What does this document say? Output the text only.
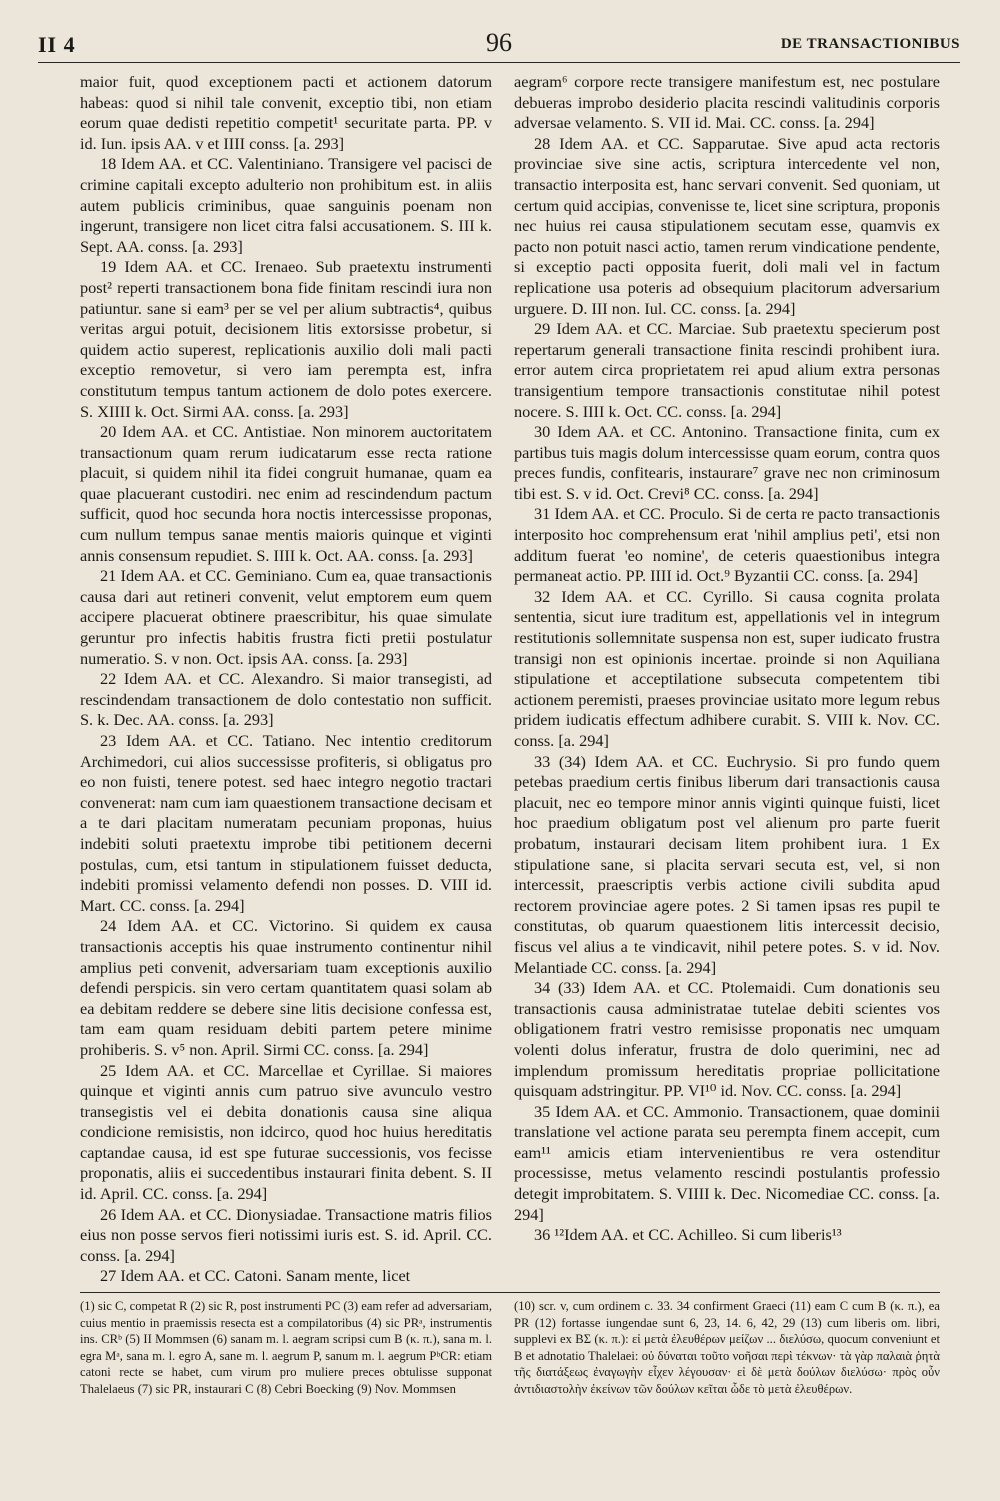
II 4	96	DE TRANSACTIONIBUS

maior fuit, quod exceptionem pacti et actionem datorum habeas: quod si nihil tale convenit, exceptio tibi, non etiam eorum quae dedisti repetitio competit¹ securitate parta. PP. v id. Iun. ipsis AA. v et IIII conss. [a. 293]

18 Idem AA. et CC. Valentiniano. Transigere vel pacisci de crimine capitali excepto adulterio non prohibitum est. in aliis autem publicis criminibus, quae sanguinis poenam non ingerunt, transigere non licet citra falsi accusationem. S. III k. Sept. AA. conss. [a. 293]

19 Idem AA. et CC. Irenaeo. Sub praetextu instrumenti post² reperti transactionem bona fide finitam rescindi iura non patiuntur. sane si eam³ per se vel per alium subtractis⁴, quibus veritas argui potuit, decisionem litis extorsisse probetur, si quidem actio superest, replicationis auxilio doli mali pacti exceptio removetur, si vero iam perempta est, infra constitutum tempus tantum actionem de dolo potes exercere. S. XIIII k. Oct. Sirmi AA. conss. [a. 293]

20 Idem AA. et CC. Antistiae. Non minorem auctoritatem transactionum quam rerum iudicatarum esse recta ratione placuit, si quidem nihil ita fidei congruit humanae, quam ea quae placuerant custodiri. nec enim ad rescindendum pactum sufficit, quod hoc secunda hora noctis intercessisse proponas, cum nullum tempus sanae mentis maioris quinque et viginti annis consensum repudiet. S. IIII k. Oct. AA. conss. [a. 293]

21 Idem AA. et CC. Geminiano. Cum ea, quae transactionis causa dari aut retineri convenit, velut emptorem eum quem accipere placuerat obtinere praescribitur, his quae simulate geruntur pro infectis habitis frustra ficti pretii postulatur numeratio. S. v non. Oct. ipsis AA. conss. [a. 293]

22 Idem AA. et CC. Alexandro. Si maior transegisti, ad rescindendam transactionem de dolo contestatio non sufficit. S. k. Dec. AA. conss. [a. 293]

23 Idem AA. et CC. Tatiano. Nec intentio creditorum Archimedori, cui alios successisse profiteris, si obligatus pro eo non fuisti, tenere potest. sed haec integro negotio tractari convenerat: nam cum iam quaestionem transactione decisam et a te dari placitam numeratam pecuniam proponas, huius indebiti soluti praetextu improbe tibi petitionem decerni postulas, cum, etsi tantum in stipulationem fuisset deducta, indebiti promissi velamento defendi non posses. D. VIII id. Mart. CC. conss. [a. 294]

24 Idem AA. et CC. Victorino. Si quidem ex causa transactionis acceptis his quae instrumento continentur nihil amplius peti convenit, adversariam tuam exceptionis auxilio defendi perspicis. sin vero certam quantitatem quasi solam ab ea debitam reddere se debere sine litis decisione confessa est, tam eam quam residuam debiti partem petere minime prohiberis. S. v⁵ non. April. Sirmi CC. conss. [a. 294]

25 Idem AA. et CC. Marcellae et Cyrillae. Si maiores quinque et viginti annis cum patruo sive avunculo vestro transegistis vel ei debita donationis causa sine aliqua condicione remisistis, non idcirco, quod hoc huius hereditatis captandae causa, id est spe futurae successionis, vos fecisse proponatis, aliis ei succedentibus instaurari finita debent. S. II id. April. CC. conss. [a. 294]

26 Idem AA. et CC. Dionysiadae. Transactione matris filios eius non posse servos fieri notissimi iuris est. S. id. April. CC. conss. [a. 294]

27 Idem AA. et CC. Catoni. Sanam mente, licet

aegram⁶ corpore recte transigere manifestum est, nec postulare debueras improbo desiderio placita rescindi valitudinis corporis adversae velamento. S. VII id. Mai. CC. conss. [a. 294]

28 Idem AA. et CC. Sapparutae. Sive apud acta rectoris provinciae sive sine actis, scriptura intercedente vel non, transactio interposita est, hanc servari convenit. Sed quoniam, ut certum quid accipias, convenisse te, licet sine scriptura, proponis nec huius rei causa stipulationem secutam esse, quamvis ex pacto non potuit nasci actio, tamen rerum vindicatione pendente, si exceptio pacti opposita fuerit, doli mali vel in factum replicatione usa poteris ad obsequium placitorum adversarium urguere. D. III non. Iul. CC. conss. [a. 294]

29 Idem AA. et CC. Marciae. Sub praetextu specierum post repertarum generali transactione finita rescindi prohibent iura. error autem circa proprietatem rei apud alium extra personas transigentium tempore transactionis constitutae nihil potest nocere. S. IIII k. Oct. CC. conss. [a. 294]

30 Idem AA. et CC. Antonino. Transactione finita, cum ex partibus tuis magis dolum intercessisse quam eorum, contra quos preces fundis, confitearis, instaurare⁷ grave nec non criminosum tibi est. S. v id. Oct. Crevi⁸ CC. conss. [a. 294]

31 Idem AA. et CC. Proculo. Si de certa re pacto transactionis interposito hoc comprehensum erat 'nihil amplius peti', etsi non additum fuerat 'eo nomine', de ceteris quaestionibus integra permaneat actio. PP. IIII id. Oct.⁹ Byzantii CC. conss. [a. 294]

32 Idem AA. et CC. Cyrillo. Si causa cognita prolata sententia, sicut iure traditum est, appellationis vel in integrum restitutionis sollemnitate suspensa non est, super iudicato frustra transigi non est opinionis incertae. proinde si non Aquiliana stipulatione et acceptilatione subsecuta competentem tibi actionem peremisti, praeses provinciae usitato more legum rebus pridem iudicatis effectum adhibere curabit. S. VIII k. Nov. CC. conss. [a. 294]

33 (34) Idem AA. et CC. Euchrysio. Si pro fundo quem petebas praedium certis finibus liberum dari transactionis causa placuit, nec eo tempore minor annis viginti quinque fuisti, licet hoc praedium obligatum post vel alienum pro parte fuerit probatum, instaurari decisam litem prohibent iura. 1 Ex stipulatione sane, si placita servari secuta est, vel, si non intercessit, praescriptis verbis actione civili subdita apud rectorem provinciae agere potes. 2 Si tamen ipsas res pupil te constitutas, ob quarum quaestionem litis intercessit decisio, fiscus vel alius a te vindicavit, nihil petere potes. S. v id. Nov. Melantiade CC. conss. [a. 294]

34 (33) Idem AA. et CC. Ptolemaidi. Cum donationis seu transactionis causa administratae tutelae debiti scientes vos obligationem fratri vestro remisisse proponatis nec umquam volenti dolus inferatur, frustra de dolo querimini, nec ad implendum promissum hereditatis propriae pollicitatione quisquam adstringitur. PP. VI¹⁰ id. Nov. CC. conss. [a. 294]

35 Idem AA. et CC. Ammonio. Transactionem, quae dominii translatione vel actione parata seu perempta finem accepit, cum eam¹¹ amicis etiam intervenientibus re vera ostenditur processisse, metus velamento rescindi postulantis professio detegit improbitatem. S. VIIII k. Dec. Nicomediae CC. conss. [a. 294]

36 ¹²Idem AA. et CC. Achilleo. Si cum liberis¹³

(1) sic C, competat R (2) sic R, post instrumenti PC (3) eam refer ad adversariam, cuius mentio in praemissis resecta est a compilatoribus (4) sic PRᵃ, instrumentis ins. CRᵇ (5) II Mommsen (6) sanam m. l. aegram scripsi cum B (κ. π.), sana m. l. egra Mᵃ, sana m. l. egro A, sane m. l. aegrum P, sanum m. l. aegrum PᵇCR: etiam catoni recte se habet, cum virum pro muliere preces obtulisse supponat Thalelaeus (7) sic PR, instaurari C (8) Cebri Boecking (9) Nov. Mommsen

(10) scr. v, cum ordinem c. 33. 34 confirment Graeci (11) eam C cum B (κ. π.), ea PR (12) fortasse iungendae sunt 6, 23, 14. 6, 42, 29 (13) cum liberis om. libri, supplevi ex BΣ (κ. π.): εἰ μετὰ ἐλευθέρων μείζων ... διελύσω, quocum conveniunt et B et adnotatio Thalelaei: οὐ δύναται τοῦτο νοῆσαι περὶ τέκνων· τὰ γὰρ παλαιὰ ῥητὰ τῆς διατάξεως ἐναγωγὴν εἶχεν λέγουσαν· εἰ δὲ μετὰ δούλων διελύσω· πρὸς οὖν ἀντιδιαστολὴν ἐκείνων τῶν δούλων κεῖται ὧδε τὸ μετὰ ἐλευθέρων.
